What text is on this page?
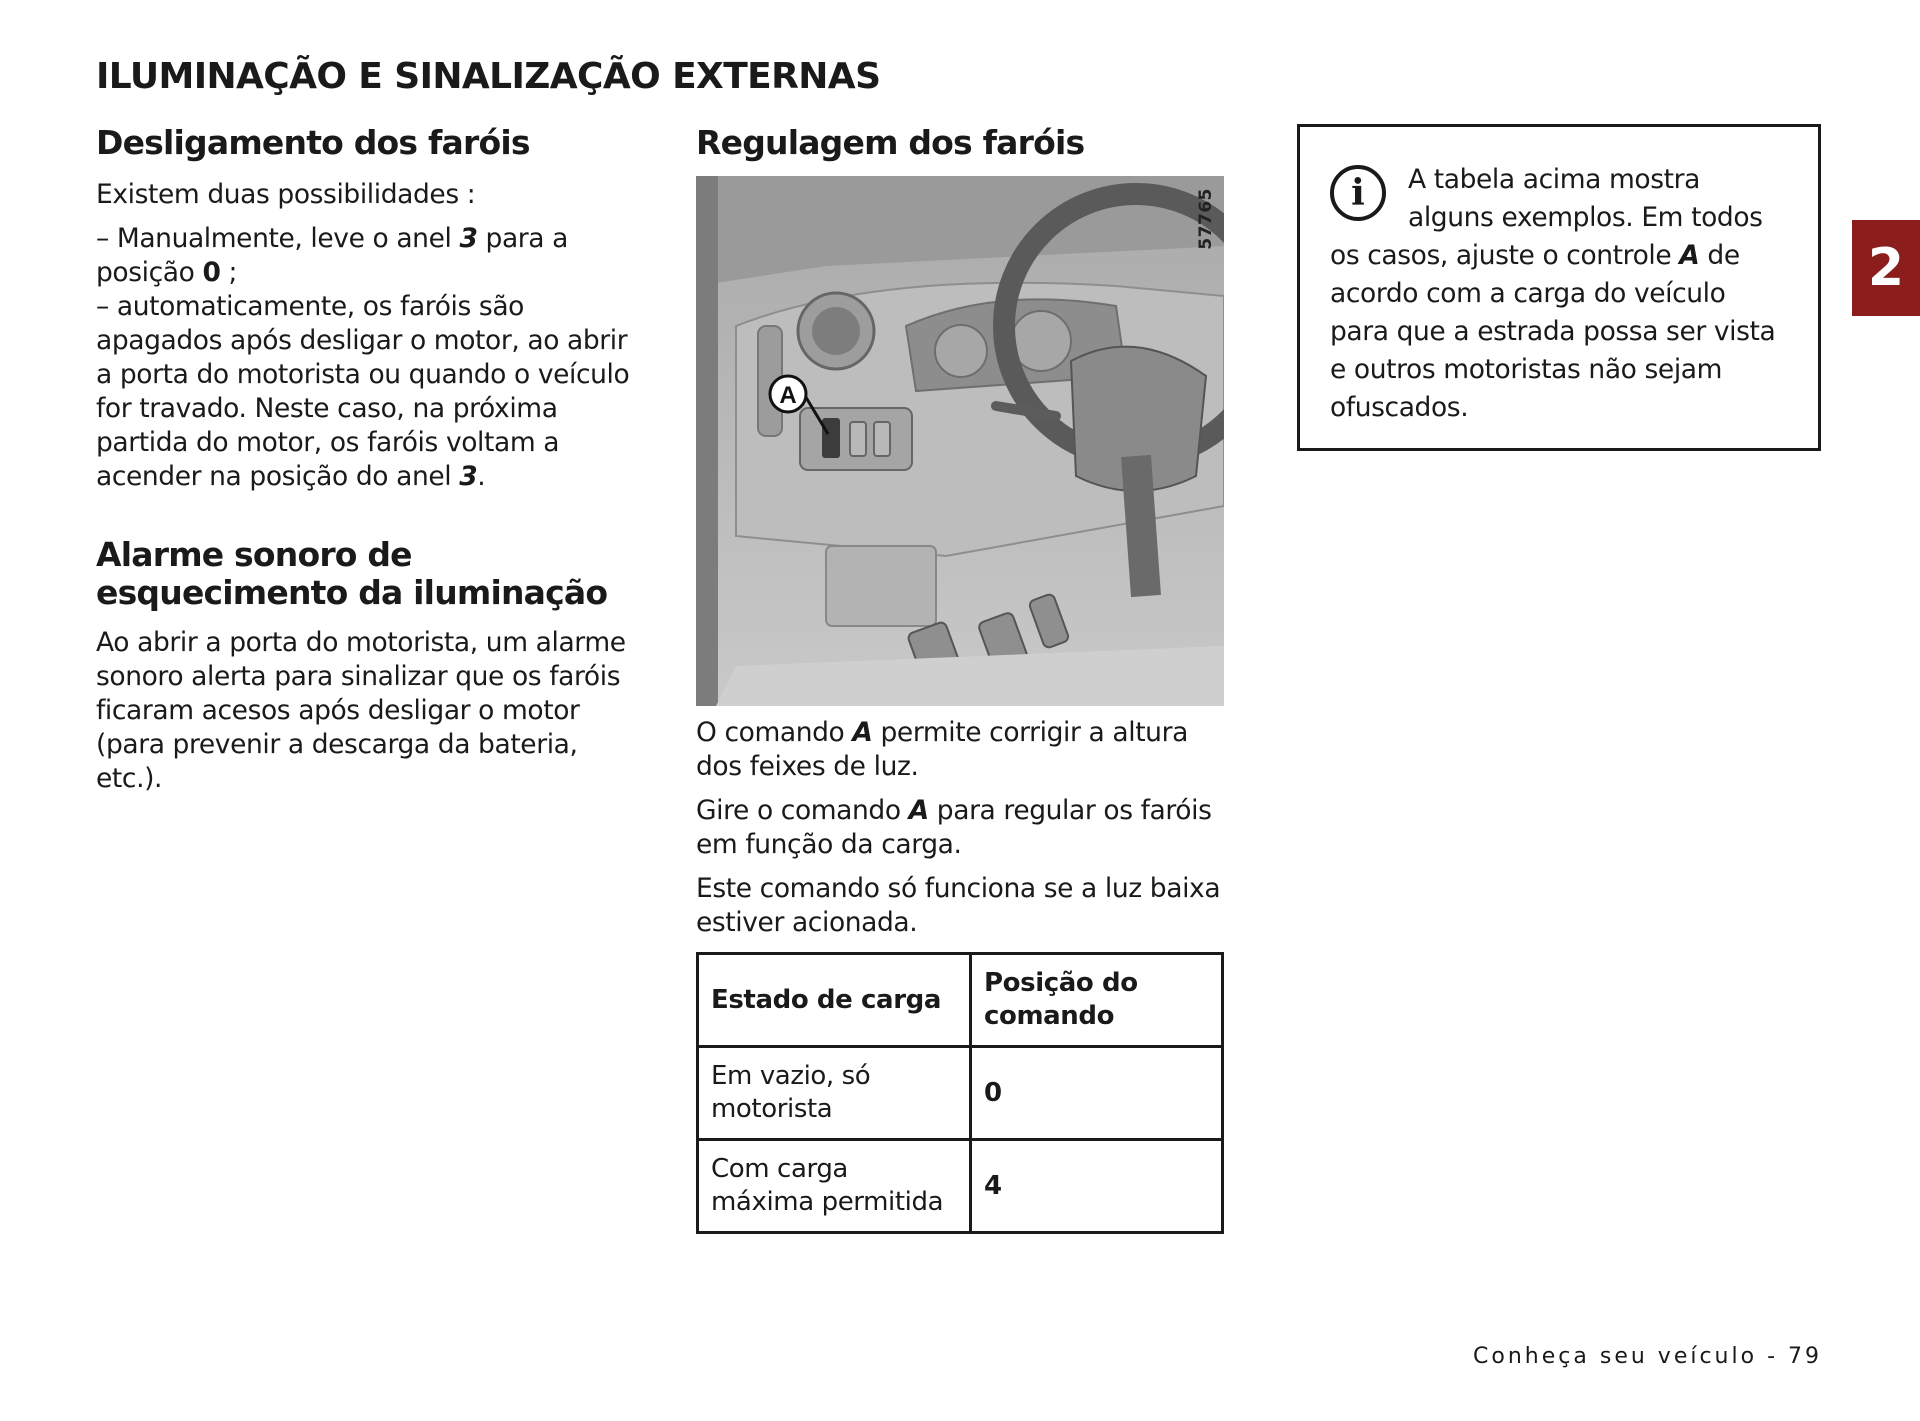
ILUMINAÇÃO E SINALIZAÇÃO EXTERNAS
Desligamento dos faróis

Existem duas possibilidades :

– Manualmente, leve o anel 3 para a posição 0 ;

– automaticamente, os faróis são apagados após desligar o motor, ao abrir a porta do motorista ou quando o veículo for travado. Neste caso, na próxima partida do motor, os faróis voltam a acender na posição do anel 3.

Alarme sonoro de esquecimento da iluminação

Ao abrir a porta do motorista, um alarme sonoro alerta para sinalizar que os faróis ficaram acesos após desligar o motor (para prevenir a descarga da bateria, etc.).

Regulagem dos faróis
A
57765

O comando A permite corrigir a altura dos feixes de luz.

Gire o comando A para regular os faróis em função da carga.

Este comando só funciona se a luz baixa estiver acionada.

Estado de carga	Posição do comando
Em vazio, só motorista	0
Com carga máxima permitida	4
i	A tabela acima mostra alguns exemplos. Em todos os casos, ajuste o controle A de acordo com a carga do veículo para que a estrada possa ser vista e outros motoristas não sejam ofuscados.

2
Conheça seu veículo - 79
